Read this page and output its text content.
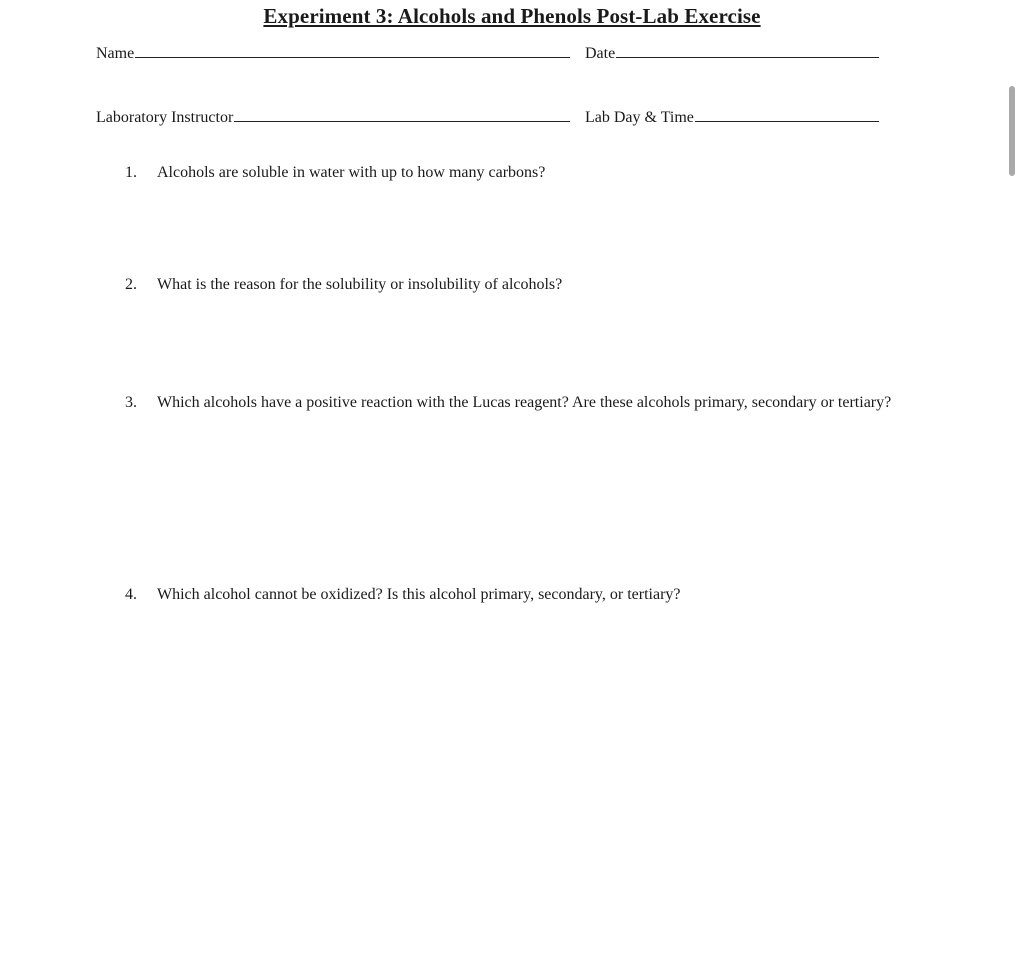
Experiment 3: Alcohols and Phenols Post-Lab Exercise
Name	Date
Laboratory Instructor	Lab Day & Time
1.	Alcohols are soluble in water with up to how many carbons?
2.	What is the reason for the solubility or insolubility of alcohols?
3.	Which alcohols have a positive reaction with the Lucas reagent? Are these alcohols primary, secondary or tertiary?
4.	Which alcohol cannot be oxidized? Is this alcohol primary, secondary, or tertiary?
